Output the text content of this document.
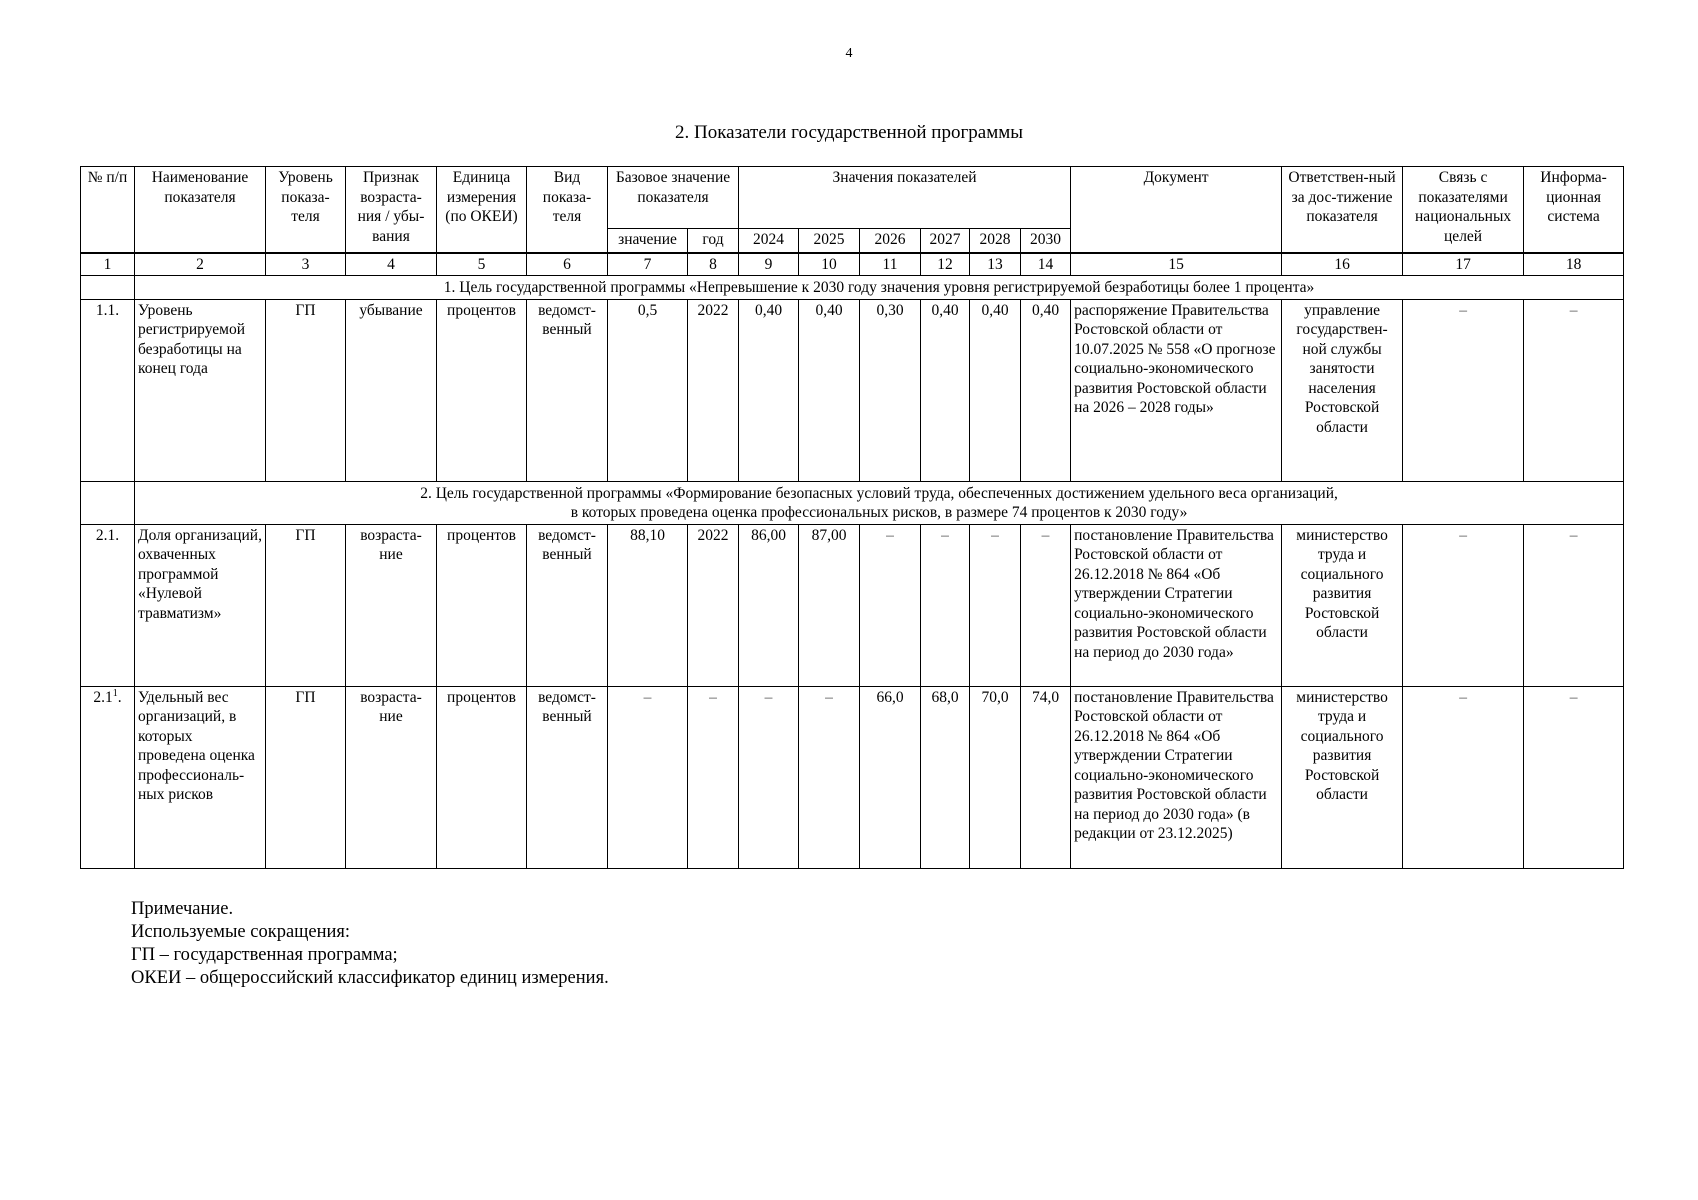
4
2. Показатели государственной программы
№ п/п	Наименование показателя	Уровень показа-теля	Признак возраста-ния / убы-вания	Единица измерения (по ОКЕИ)	Вид показа-теля	Базовое значение показателя		Значения показателей						Документ	Ответствен-ный за дос-тижение показателя	Связь с показателями национальных целей	Информа-ционная система
						значение	год	2024	2025	2026	2027	2028	2030				
1	2	3	4	5	6	7	8	9	10	11	12	13	14	15	16	17	18
	1. Цель государственной программы «Непревышение к 2030 году значения уровня регистрируемой безработицы более 1 процента»																
1.1.	Уровень регистрируемой безработицы на конец года	ГП	убывание	процентов	ведомст-венный	0,5	2022	0,40	0,40	0,30	0,40	0,40	0,40	распоряжение Правительства Ростовской области от 10.07.2025 № 558 «О прогнозе социально-экономического развития Ростовской области на 2026 – 2028 годы»	управление государствен-ной службы занятости населения Ростовской области	–	–

	2. Цель государственной программы «Формирование безопасных условий труда, обеспеченных достижением удельного веса организаций,
в которых проведена оценка профессиональных рисков, в размере 74 процентов к 2030 году»																

2.1.	Доля организаций, охваченных программой «Нулевой травматизм»	ГП	возраста-ние	процентов	ведомст-венный	88,10	2022	86,00	87,00	–	–	–	–	постановление Правительства Ростовской области от 26.12.2018 № 864 «Об утверждении Стратегии социально-экономического развития Ростовской области на период до 2030 года»	министерство труда и социального развития Ростовской области	–	–
$2.1^1$.	Удельный вес организаций, в которых проведена оценка профессиональ-ных рисков	ГП	возраста-ние	процентов	ведомст-венный	–	–	–	–	66,0	68,0	70,0	74,0	постановление Правительства Ростовской области от 26.12.2018 № 864 «Об утверждении Стратегии социально-экономического развития Ростовской области на период до 2030 года» (в редакции от 23.12.2025)	министерство труда и социального развития Ростовской области	–	–
Примечание.
Используемые сокращения:
ГП – государственная программа;
ОКЕИ – общероссийский классификатор единиц измерения.
